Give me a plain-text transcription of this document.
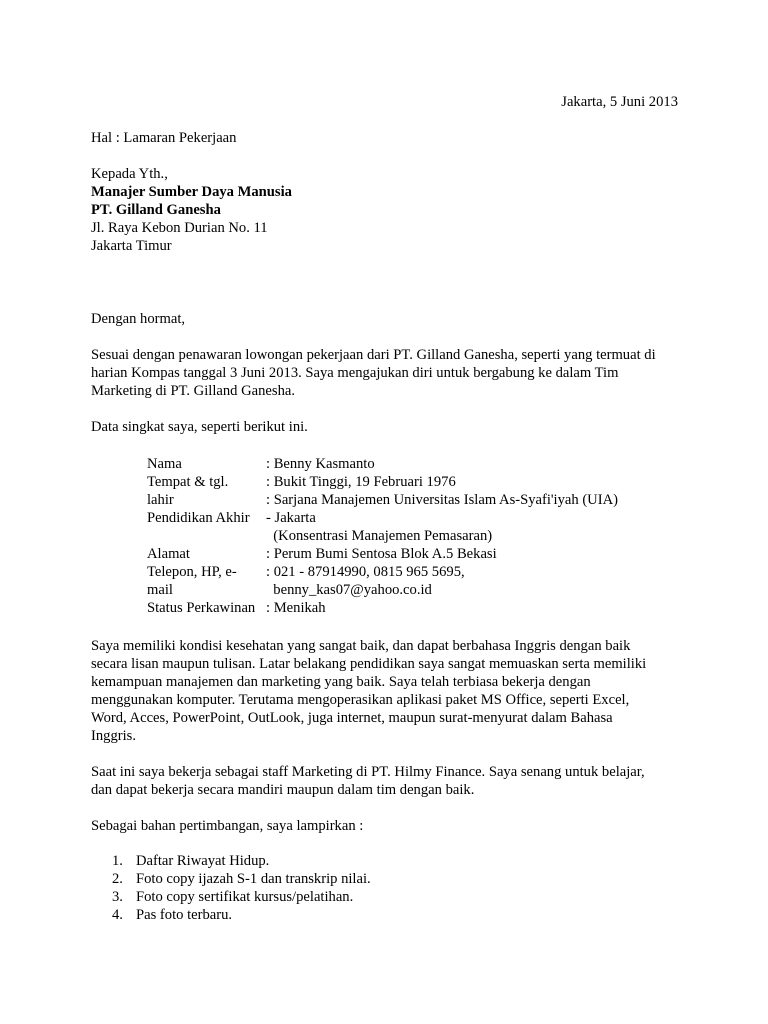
Jakarta, 5 Juni 2013
Hal : Lamaran Pekerjaan
Kepada Yth.,
Manajer Sumber Daya Manusia
PT. Gilland Ganesha
Jl. Raya Kebon Durian No. 11
Jakarta Timur
Dengan hormat,
Sesuai dengan penawaran lowongan pekerjaan dari PT. Gilland Ganesha, seperti yang termuat di
harian Kompas tanggal 3 Juni 2013. Saya mengajukan diri untuk bergabung ke dalam Tim
Marketing di PT. Gilland Ganesha.
Data singkat saya, seperti berikut ini.
Nama	: Benny Kasmanto
Tempat & tgl.	: Bukit Tinggi, 19 Februari 1976
lahir	: Sarjana Manajemen Universitas Islam As-Syafi'iyah (UIA)
Pendidikan Akhir - Jakarta
(Konsentrasi Manajemen Pemasaran)
Alamat	: Perum Bumi Sentosa Blok A.5 Bekasi
Telepon, HP, e- : 021 - 87914990, 0815 965 5695,
mail	benny_kas07@yahoo.co.id
Status Perkawinan : Menikah
Saya memiliki kondisi kesehatan yang sangat baik, dan dapat berbahasa Inggris dengan baik
secara lisan maupun tulisan. Latar belakang pendidikan saya sangat memuaskan serta memiliki
kemampuan manajemen dan marketing yang baik. Saya telah terbiasa bekerja dengan
menggunakan komputer. Terutama mengoperasikan aplikasi paket MS Office, seperti Excel,
Word, Acces, PowerPoint, OutLook, juga internet, maupun surat-menyurat dalam Bahasa
Inggris.
Saat ini saya bekerja sebagai staff Marketing di PT. Hilmy Finance. Saya senang untuk belajar,
dan dapat bekerja secara mandiri maupun dalam tim dengan baik.
Sebagai bahan pertimbangan, saya lampirkan :
1. Daftar Riwayat Hidup.
2. Foto copy ijazah S-1 dan transkrip nilai.
3. Foto copy sertifikat kursus/pelatihan.
4. Pas foto terbaru.
